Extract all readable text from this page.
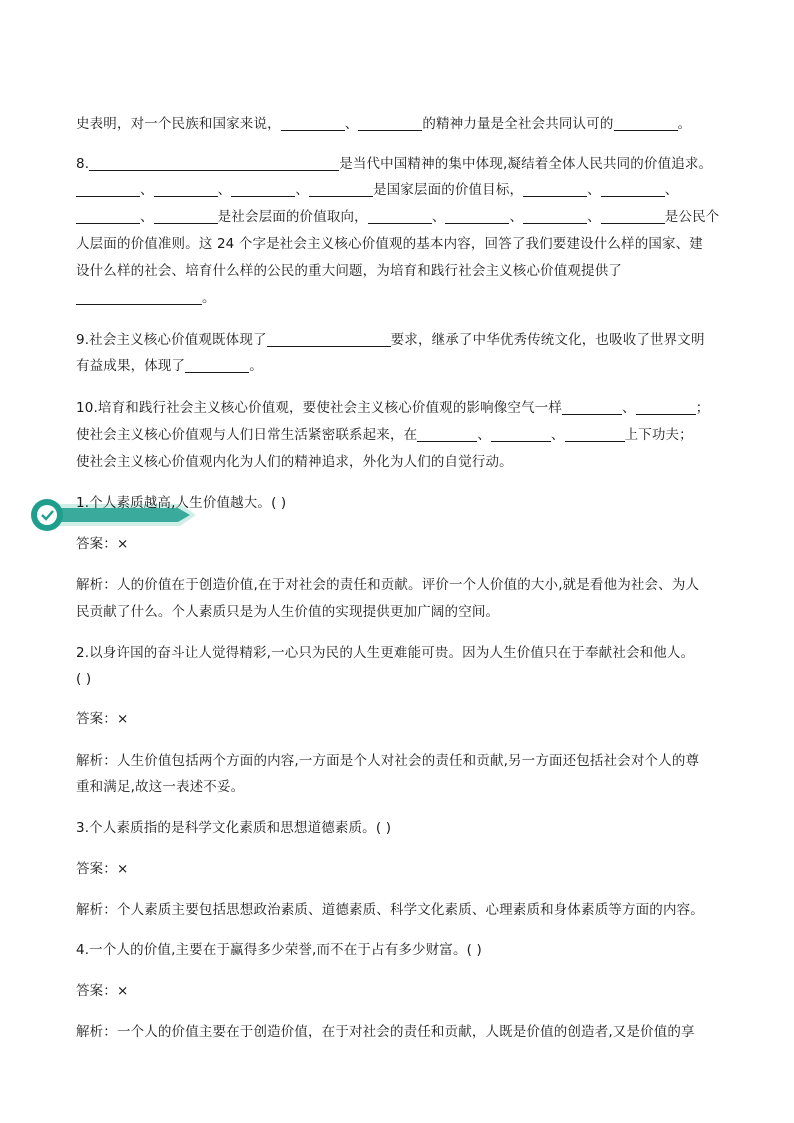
史表明，对一个民族和国家来说，	、	的精神力量是全社会共同认可的	。
8.	是当代中国精神的集中体现,凝结着全体人民共同的价值追求。
、	、	、	是国家层面的价值目标，	、	、
、	是社会层面的价值取向，	、	、	、	是公民个
人层面的价值准则。这 24 个字是社会主义核心价值观的基本内容，回答了我们要建设什么样的国家、建
设什么样的社会、培育什么样的公民的重大问题，为培育和践行社会主义核心价值观提供了
。
9.社会主义核心价值观既体现了	要求，继承了中华优秀传统文化，也吸收了世界文明
有益成果，体现了	。
10.培育和践行社会主义核心价值观，要使社会主义核心价值观的影响像空气一样	、	；
使社会主义核心价值观与人们日常生活紧密联系起来，在	、	、	上下功夫；
使社会主义核心价值观内化为人们的精神追求，外化为人们的自觉行动。
1.个人素质越高,人生价值越大。( )
答案：×
解析：人的价值在于创造价值,在于对社会的责任和贡献。评价一个人价值的大小,就是看他为社会、为人
民贡献了什么。个人素质只是为人生价值的实现提供更加广阔的空间。
2.以身许国的奋斗让人觉得精彩,一心只为民的人生更难能可贵。因为人生价值只在于奉献社会和他人。
( )
答案：×
解析：人生价值包括两个方面的内容,一方面是个人对社会的责任和贡献,另一方面还包括社会对个人的尊
重和满足,故这一表述不妥。
3.个人素质指的是科学文化素质和思想道德素质。( )
答案：×
解析：个人素质主要包括思想政治素质、道德素质、科学文化素质、心理素质和身体素质等方面的内容。
4.一个人的价值,主要在于赢得多少荣誉,而不在于占有多少财富。( )
答案：×
解析：一个人的价值主要在于创造价值，在于对社会的责任和贡献，人既是价值的创造者,又是价值的享
